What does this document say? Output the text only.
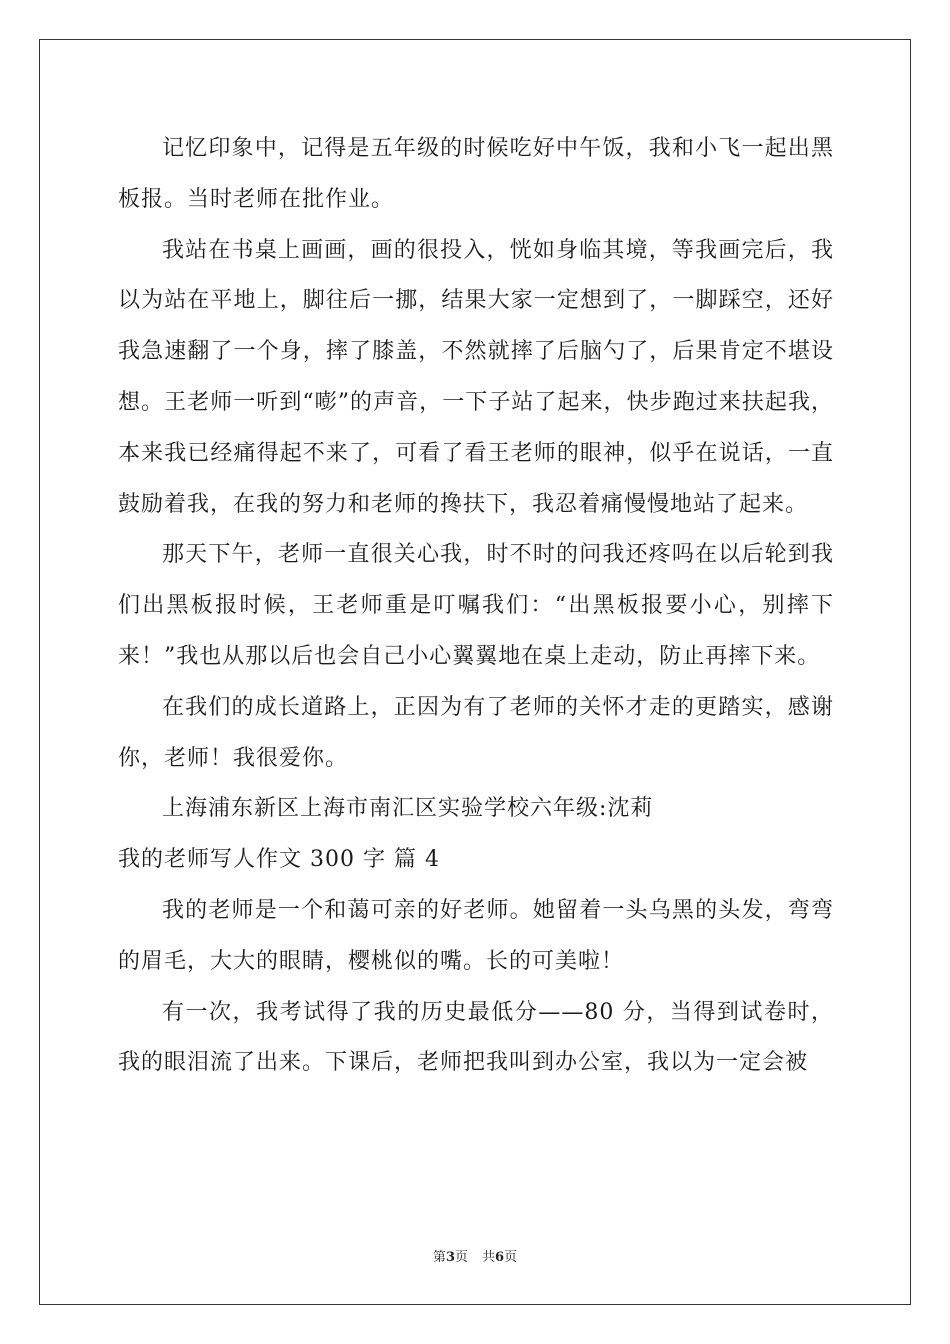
记忆印象中，记得是五年级的时候吃好中午饭，我和小飞一起出黑板报。当时老师在批作业。

我站在书桌上画画，画的很投入，恍如身临其境，等我画完后，我以为站在平地上，脚往后一挪，结果大家一定想到了，一脚踩空，还好我急速翻了一个身，摔了膝盖，不然就摔了后脑勺了，后果肯定不堪设想。王老师一听到“嘭”的声音，一下子站了起来，快步跑过来扶起我，本来我已经痛得起不来了，可看了看王老师的眼神，似乎在说话，一直鼓励着我，在我的努力和老师的搀扶下，我忍着痛慢慢地站了起来。

那天下午，老师一直很关心我，时不时的问我还疼吗在以后轮到我们出黑板报时候，王老师重是叮嘱我们：“出黑板报要小心，别摔下来！”我也从那以后也会自己小心翼翼地在桌上走动，防止再摔下来。

在我们的成长道路上，正因为有了老师的关怀才走的更踏实，感谢你，老师！我很爱你。

上海浦东新区上海市南汇区实验学校六年级:沈莉

我的老师写人作文 300 字 篇 4

我的老师是一个和蔼可亲的好老师。她留着一头乌黑的头发，弯弯的眉毛，大大的眼睛，樱桃似的嘴。长的可美啦！

有一次，我考试得了我的历史最低分——80 分，当得到试卷时，我的眼泪流了出来。下课后，老师把我叫到办公室，我以为一定会被

第3页 共6页
